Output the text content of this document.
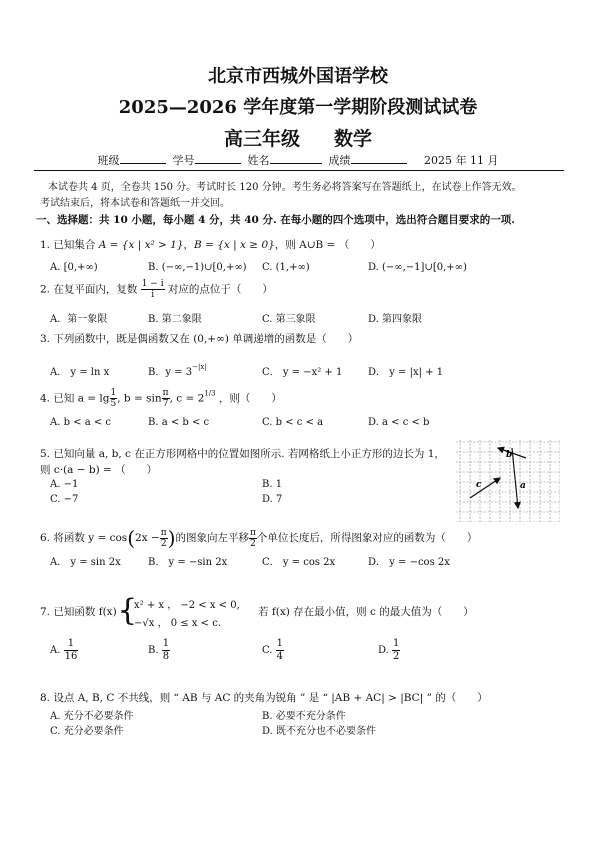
北京市西城外国语学校
2025—2026 学年度第一学期阶段测试试卷
高三年级 数学
班级	学号	姓名	成绩	2025 年 11 月
本试卷共 4 页，全卷共 150 分。考试时长 120 分钟。考生务必将答案写在答题纸上，在试卷上作答无效。
考试结束后，将本试卷和答题纸一并交回。
一、选择题：共 10 小题，每小题 4 分，共 40 分. 在每小题的四个选项中，选出符合题目要求的一项.
1. 已知集合 A = {x | x² > 1}，B = {x | x ≥ 0}，则 A∪B = （　　）
A. [0,+∞)	B. (−∞,−1)∪[0,+∞) C. (1,+∞)	D. (−∞,−1]∪[0,+∞)
2. 在复平面内，复数 $\frac{1 - i}{i}$ 对应的点位于（　　）
A．第一象限	B. 第二象限	C. 第三象限	D. 第四象限
3. 下列函数中，既是偶函数又在 (0,+∞) 单调递增的函数是（　　）
A． y = ln x	B．$y = 3^{-|x|}$	C． y = −x² + 1	D． y = |x| + 1
4. 已知 $a = \lg \frac{1}{5}$ , $b = \sin \frac{\pi}{7}$ , $c = 2^{1/3}$ ，则（　　）
A. b < a < c	B. a < b < c	C. b < c < a	D. a < c < b
5. 已知向量 a, b, c 在正方形网格中的位置如图所示. 若网格纸上小正方形的边长为 1，
则 c·(a − b) = （　　）
A. −1	B. 1
C. −7	D. 7
b
c	a
6. 将函数 $y = \cos(2x - \frac{\pi}{2}$ )的图象向左平移 $\frac{\pi}{2}$ 个单位长度后，所得图象对应的函数为（　　）
A． y = sin 2x	B． y = −sin 2x	C． y = cos 2x	D． y = −cos 2x
7. 已知函数 f(x) =
{
x² + x ， −2 < x < 0,
−√x ， 0 ≤ x < c.
若 f(x) 存在最小值，则 c 的最大值为（　　）
A. $\frac{1}{16}$	B. $\frac{1}{8}$	C. $\frac{1}{4}$	D. $\frac{1}{2}$
8. 设点 A, B, C 不共线，则 “ AB 与 AC 的夹角为锐角 ” 是 “ |AB + AC| > |BC| ” 的（　　）
A. 充分不必要条件	B. 必要不充分条件
C. 充分必要条件	D. 既不充分也不必要条件
